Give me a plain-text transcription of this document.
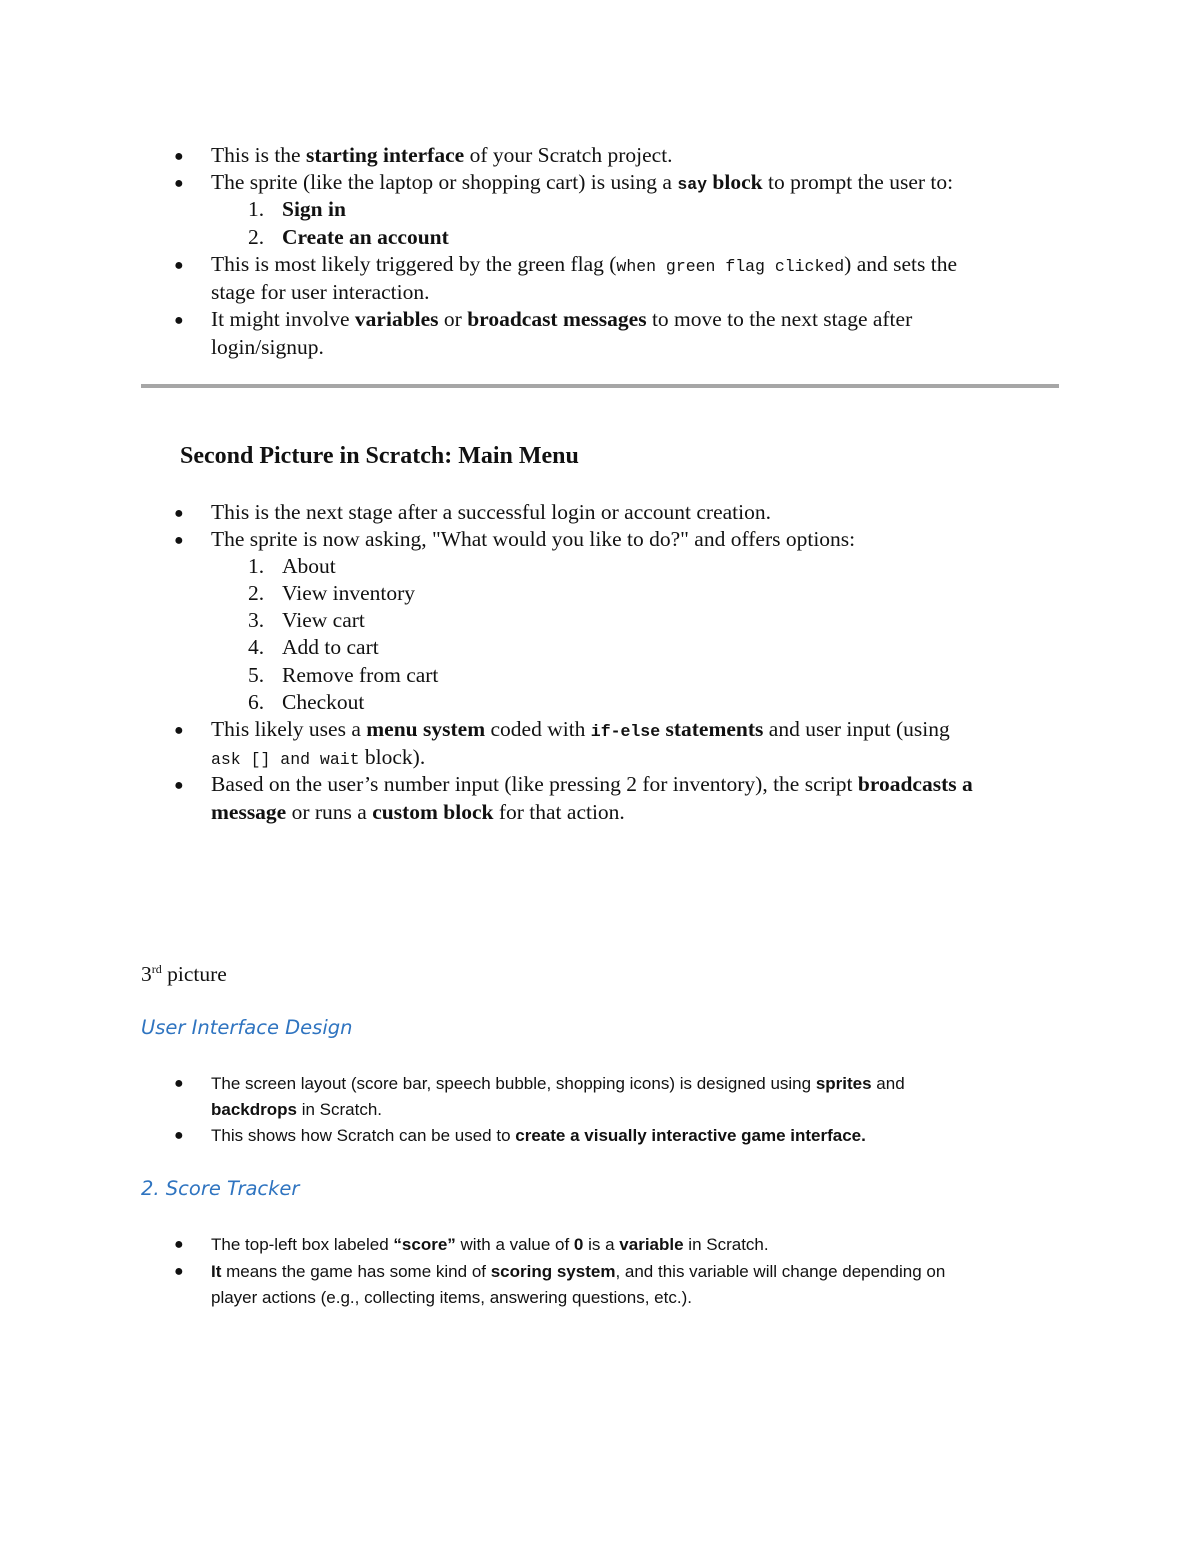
● This is the starting interface of your Scratch project.
● The sprite (like the laptop or shopping cart) is using a say block to prompt the user to:
1. Sign in
2. Create an account
● This is most likely triggered by the green flag (when green flag clicked) and sets the
stage for user interaction.
● It might involve variables or broadcast messages to move to the next stage after
login/signup.
Second Picture in Scratch: Main Menu
● This is the next stage after a successful login or account creation.
● The sprite is now asking, "What would you like to do?" and offers options:
1. About
2. View inventory
3. View cart
4. Add to cart
5. Remove from cart
6. Checkout
● This likely uses a menu system coded with if-else statements and user input (using
ask [] and wait block).
● Based on the user’s number input (like pressing 2 for inventory), the script broadcasts a
message or runs a custom block for that action.
3rd picture
User Interface Design
● The screen layout (score bar, speech bubble, shopping icons) is designed using sprites and
backdrops in Scratch.
● This shows how Scratch can be used to create a visually interactive game interface.
2. Score Tracker
● The top-left box labeled “score” with a value of 0 is a variable in Scratch.
● It means the game has some kind of scoring system, and this variable will change depending on
player actions (e.g., collecting items, answering questions, etc.).
